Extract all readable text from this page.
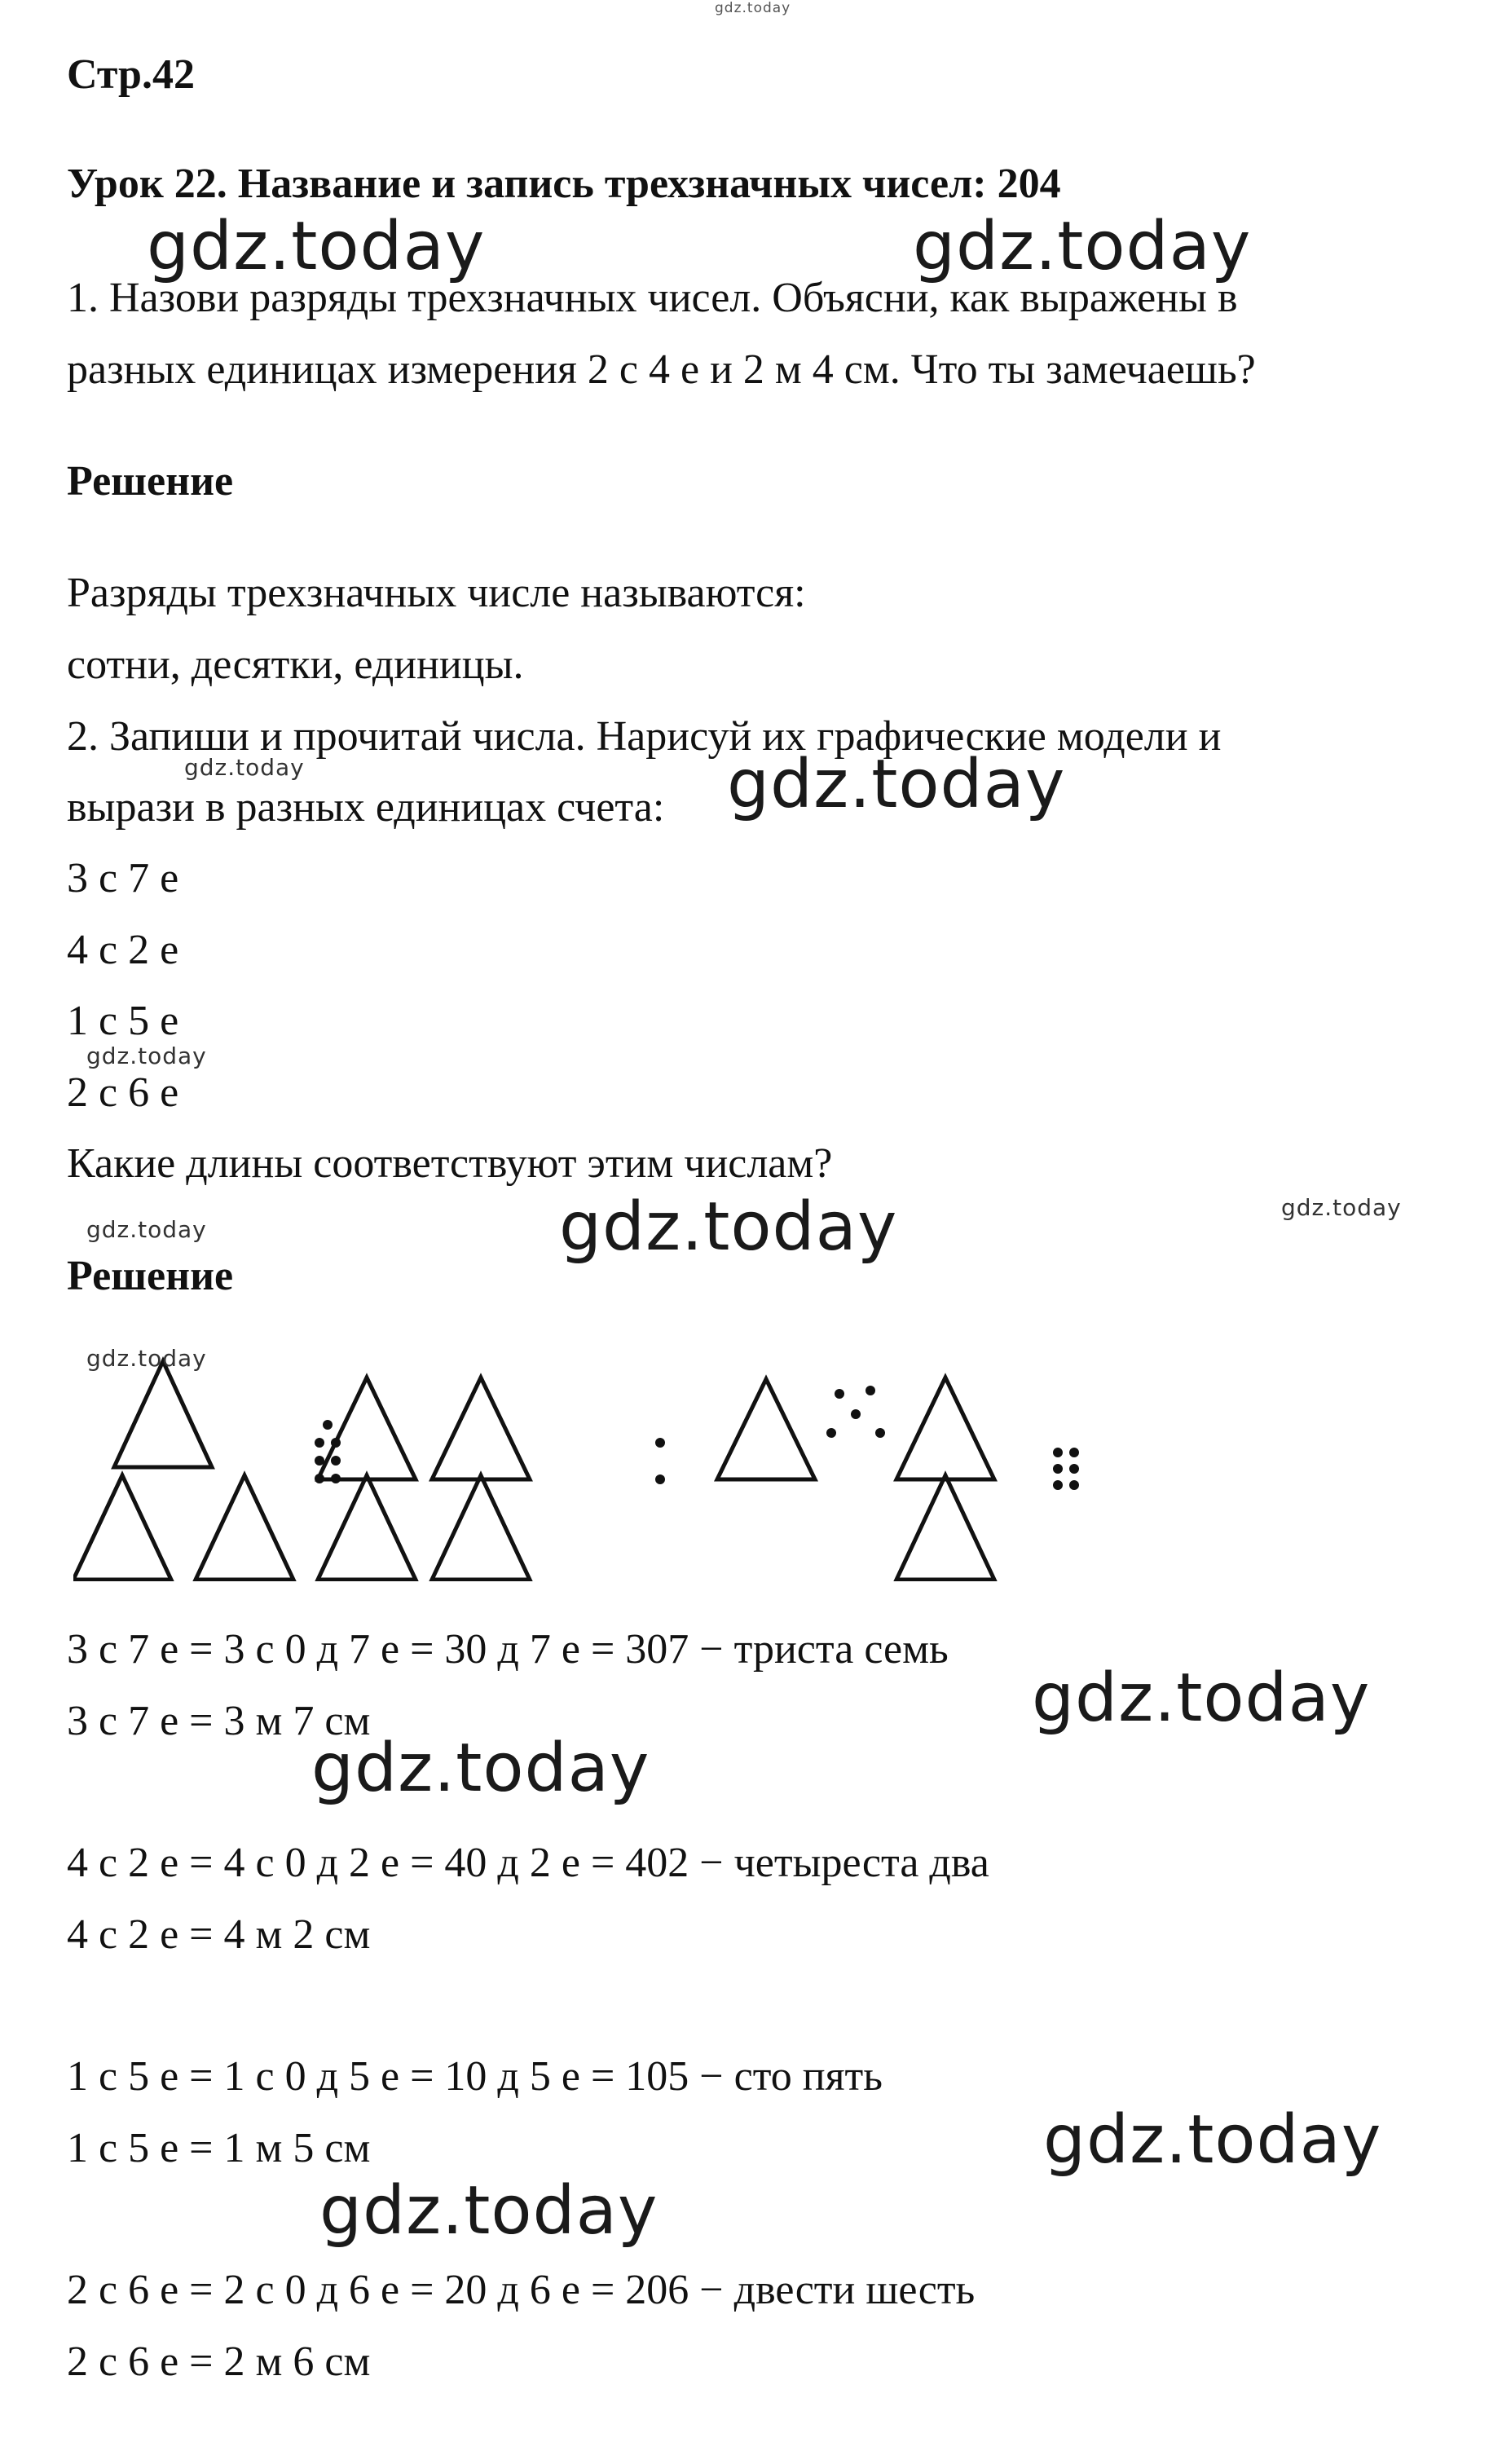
gdz.today
Стр.42
Урок 22. Название и запись трехзначных чисел: 204
1. Назови разряды трехзначных чисел. Объясни, как выражены в
разных единицах измерения 2 с 4 е и 2 м 4 см. Что ты замечаешь?
Решение
Разряды трехзначных числе называются:
сотни, десятки, единицы.
2. Запиши и прочитай числа. Нарисуй их графические модели и
вырази в разных единицах счета:
3 с 7 е
4 с 2 е
1 с 5 е
2 с 6 е
Какие длины соответствуют этим числам?
Решение
3 с 7 е = 3 с 0 д 7 е = 30 д 7 е = 307 − триста семь
3 с 7 е = 3 м 7 см
4 с 2 е = 4 с 0 д 2 е = 40 д 2 е = 402 − четыреста два
4 с 2 е = 4 м 2 см
1 с 5 е = 1 с 0 д 5 е = 10 д 5 е = 105 − сто пять
1 с 5 е = 1 м 5 см
2 с 6 е = 2 с 0 д 6 е = 20 д 6 е = 206 − двести шесть
2 с 6 е = 2 м 6 см
gdz.today	gdz.today
gdz.today	gdz.today
gdz.today
gdz.today	gdz.today
gdz.today
gdz.today
gdz.today
gdz.today
gdz.today
gdz.today
